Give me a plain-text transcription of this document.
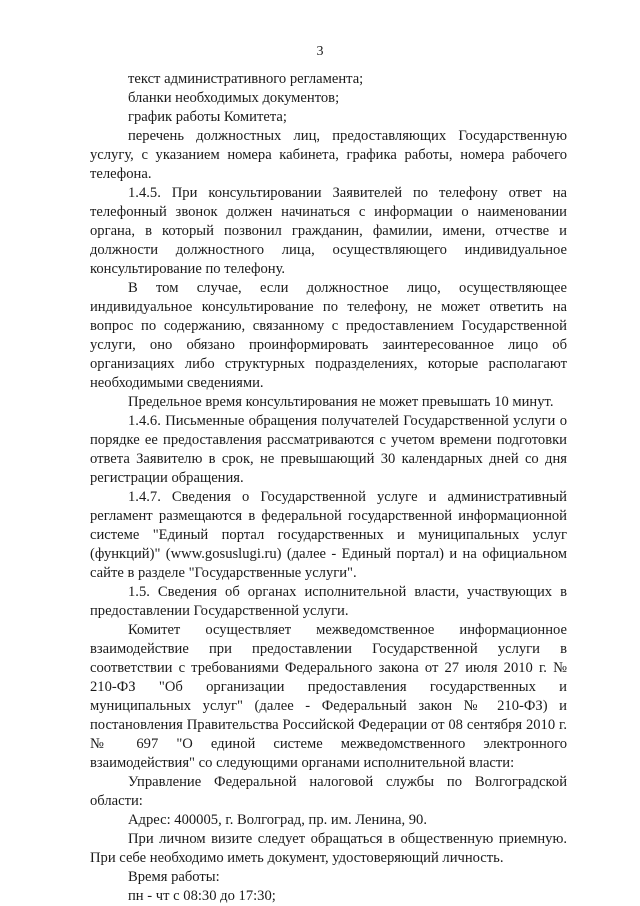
3

текст административного регламента;

бланки необходимых документов;

график работы Комитета;

перечень должностных лиц, предоставляющих Государственную услугу, с указанием номера кабинета, графика работы, номера рабочего телефона.

1.4.5. При консультировании Заявителей по телефону ответ на телефонный звонок должен начинаться с информации о наименовании органа, в который позвонил гражданин, фамилии, имени, отчестве и должности должностного лица, осуществляющего индивидуальное консультирование по телефону.

В том случае, если должностное лицо, осуществляющее индивидуальное консультирование по телефону, не может ответить на вопрос по содержанию, связанному с предоставлением Государственной услуги, оно обязано проинформировать заинтересованное лицо об организациях либо структурных подразделениях, которые располагают необходимыми сведениями.

Предельное время консультирования не может превышать 10 минут.

1.4.6. Письменные обращения получателей Государственной услуги о порядке ее предоставления рассматриваются с учетом времени подготовки ответа Заявителю в срок, не превышающий 30 календарных дней со дня регистрации обращения.

1.4.7. Сведения о Государственной услуге и административный регламент размещаются в федеральной государственной информационной системе "Единый портал государственных и муниципальных услуг (функций)" (www.gosuslugi.ru) (далее - Единый портал) и на официальном сайте в разделе "Государственные услуги".

1.5. Сведения об органах исполнительной власти, участвующих в предоставлении Государственной услуги.

Комитет осуществляет межведомственное информационное взаимодействие при предоставлении Государственной услуги в соответствии с требованиями Федерального закона от 27 июля 2010 г. № 210-ФЗ "Об организации предоставления государственных и муниципальных услуг" (далее - Федеральный закон № 210-ФЗ) и постановления Правительства Российской Федерации от 08 сентября 2010 г. № 697 "О единой системе межведомственного электронного взаимодействия" со следующими органами исполнительной власти:

Управление Федеральной налоговой службы по Волгоградской области:

Адрес: 400005, г. Волгоград, пр. им. Ленина, 90.

При личном визите следует обращаться в общественную приемную. При себе необходимо иметь документ, удостоверяющий личность.

Время работы:

пн - чт с 08:30 до 17:30;
